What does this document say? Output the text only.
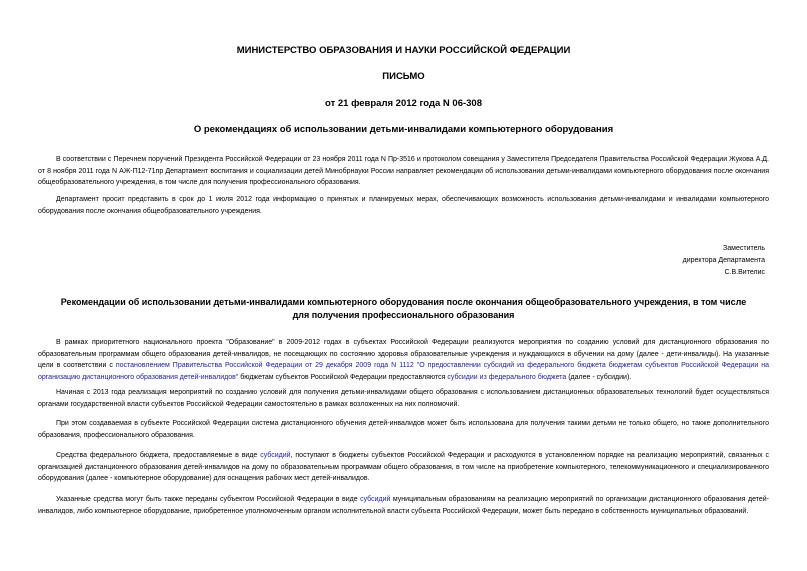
МИНИСТЕРСТВО ОБРАЗОВАНИЯ И НАУКИ РОССИЙСКОЙ ФЕДЕРАЦИИ
ПИСЬМО
от 21 февраля 2012 года N 06-308
О рекомендациях об использовании детьми-инвалидами компьютерного оборудования
В соответствии с Перечнем поручений Президента Российской Федерации от 23 ноября 2011 года N Пр-3516 и протоколом совещания у Заместителя Председателя Правительства Российской Федерации Жукова А.Д. от 8 ноября 2011 года N АЖ-П12-71пр Департамент воспитания и социализации детей Минобрнауки России направляет рекомендации об использовании детьми-инвалидами компьютерного оборудования после окончания общеобразовательного учреждения, в том числе для получения профессионального образования.
Департамент просит представить в срок до 1 июля 2012 года информацию о принятых и планируемых мерах, обеспечивающих возможность использования детьми-инвалидами и инвалидами компьютерного оборудования после окончания общеобразовательного учреждения.
Заместитель
директора Департамента
С.В.Вителис
Рекомендации об использовании детьми-инвалидами компьютерного оборудования после окончания общеобразовательного учреждения, в том числе для получения профессионального образования
В рамках приоритетного национального проекта "Образование" в 2009-2012 годах в субъектах Российской Федерации реализуются мероприятия по созданию условий для дистанционного образования по образовательным программам общего образования детей-инвалидов, не посещающих по состоянию здоровья образовательные учреждения и нуждающихся в обучении на дому (далее - дети-инвалиды). На указанные цели в соответствии с постановлением Правительства Российской Федерации от 29 декабря 2009 года N 1112 "О предоставлении субсидий из федерального бюджета бюджетам субъектов Российской Федерации на организацию дистанционного образования детей-инвалидов" бюджетам субъектов Российской Федерации предоставляются субсидии из федерального бюджета (далее - субсидии).
Начиная с 2013 года реализация мероприятий по созданию условий для получения детьми-инвалидами общего образования с использованием дистанционных образовательных технологий будет осуществляться органами государственной власти субъектов Российской Федерации самостоятельно в рамках возложенных на них полномочий.
При этом создаваемая в субъекте Российской Федерации система дистанционного обучения детей-инвалидов может быть использована для получения такими детьми не только общего, но также дополнительного образования, профессионального образования.
Средства федерального бюджета, предоставляемые в виде субсидий, поступают в бюджеты субъектов Российской Федерации и расходуются в установленном порядке на реализацию мероприятий, связанных с организацией дистанционного образования детей-инвалидов на дому по образовательным программам общего образования, в том числе на приобретение компьютерного, телекоммуникационного и специализированного оборудования (далее - компьютерное оборудование) для оснащения рабочих мест детей-инвалидов.
Указанные средства могут быть также переданы субъектом Российской Федерации в виде субсидий муниципальным образованиям на реализацию мероприятий по организации дистанционного образования детей-инвалидов, либо компьютерное оборудование, приобретенное уполномоченным органом исполнительной власти субъекта Российской Федерации, может быть передано в собственность муниципальных образований.
